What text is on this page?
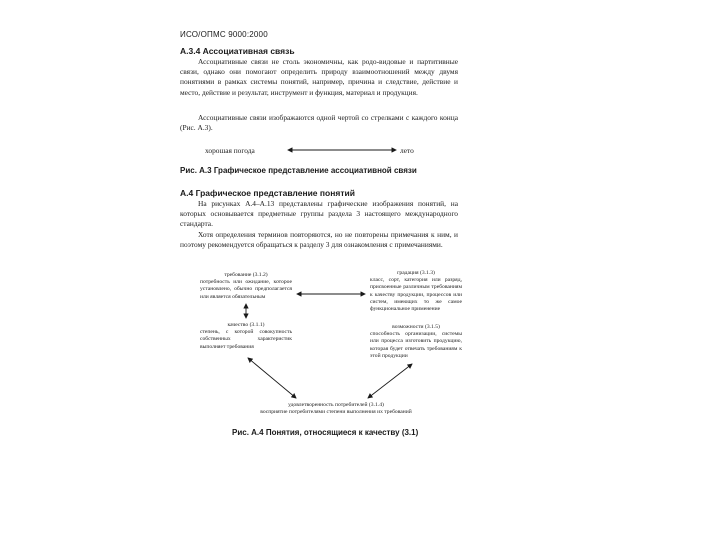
ИСО/ОПМС 9000:2000
А.3.4 Ассоциативная связь

Ассоциативные связи не столь экономичны, как родо-видовые и партитивные связи, однако они помогают определить природу взаимоотношений между двумя понятиями в рамках системы понятий, например, причина и следствие, действие и место, действие и результат, инструмент и функция, материал и продукция.

Ассоциативные связи изображаются одной чертой со стрелками с каждого конца (Рис. А.3).

хорошая погода	лето
Рис. А.3 Графическое представление ассоциативной связи
А.4 Графическое представление понятий

На рисунках А.4–А.13 представлены графические изображения понятий, на которых основывается предметные группы раздела 3 настоящего международного стандарта.

Хотя определения терминов повторяются, но не повторены примечания к ним, и поэтому рекомендуется обращаться к разделу 3 для ознакомления с примечаниями.

требование (3.1.2)
потребность или ожидание, которое установлено, обычно предполагается или является обязательным
градация (3.1.3)
класс, сорт, категория или разряд, присвоенные различным требованиям к качеству продукции, процессов или систем, имеющих то же самое функциональное применение
качество (3.1.1)
степень, с которой совокупность собственных характеристик выполняет требования
возможности (3.1.5)
способность организации, системы или процесса изготовить продукцию, которая будет отвечать требованиям к этой продукции
удовлетворенность потребителей (3.1.4)
восприятие потребителями степени выполнения их требований
Рис. А.4 Понятия, относящиеся к качеству (3.1)
